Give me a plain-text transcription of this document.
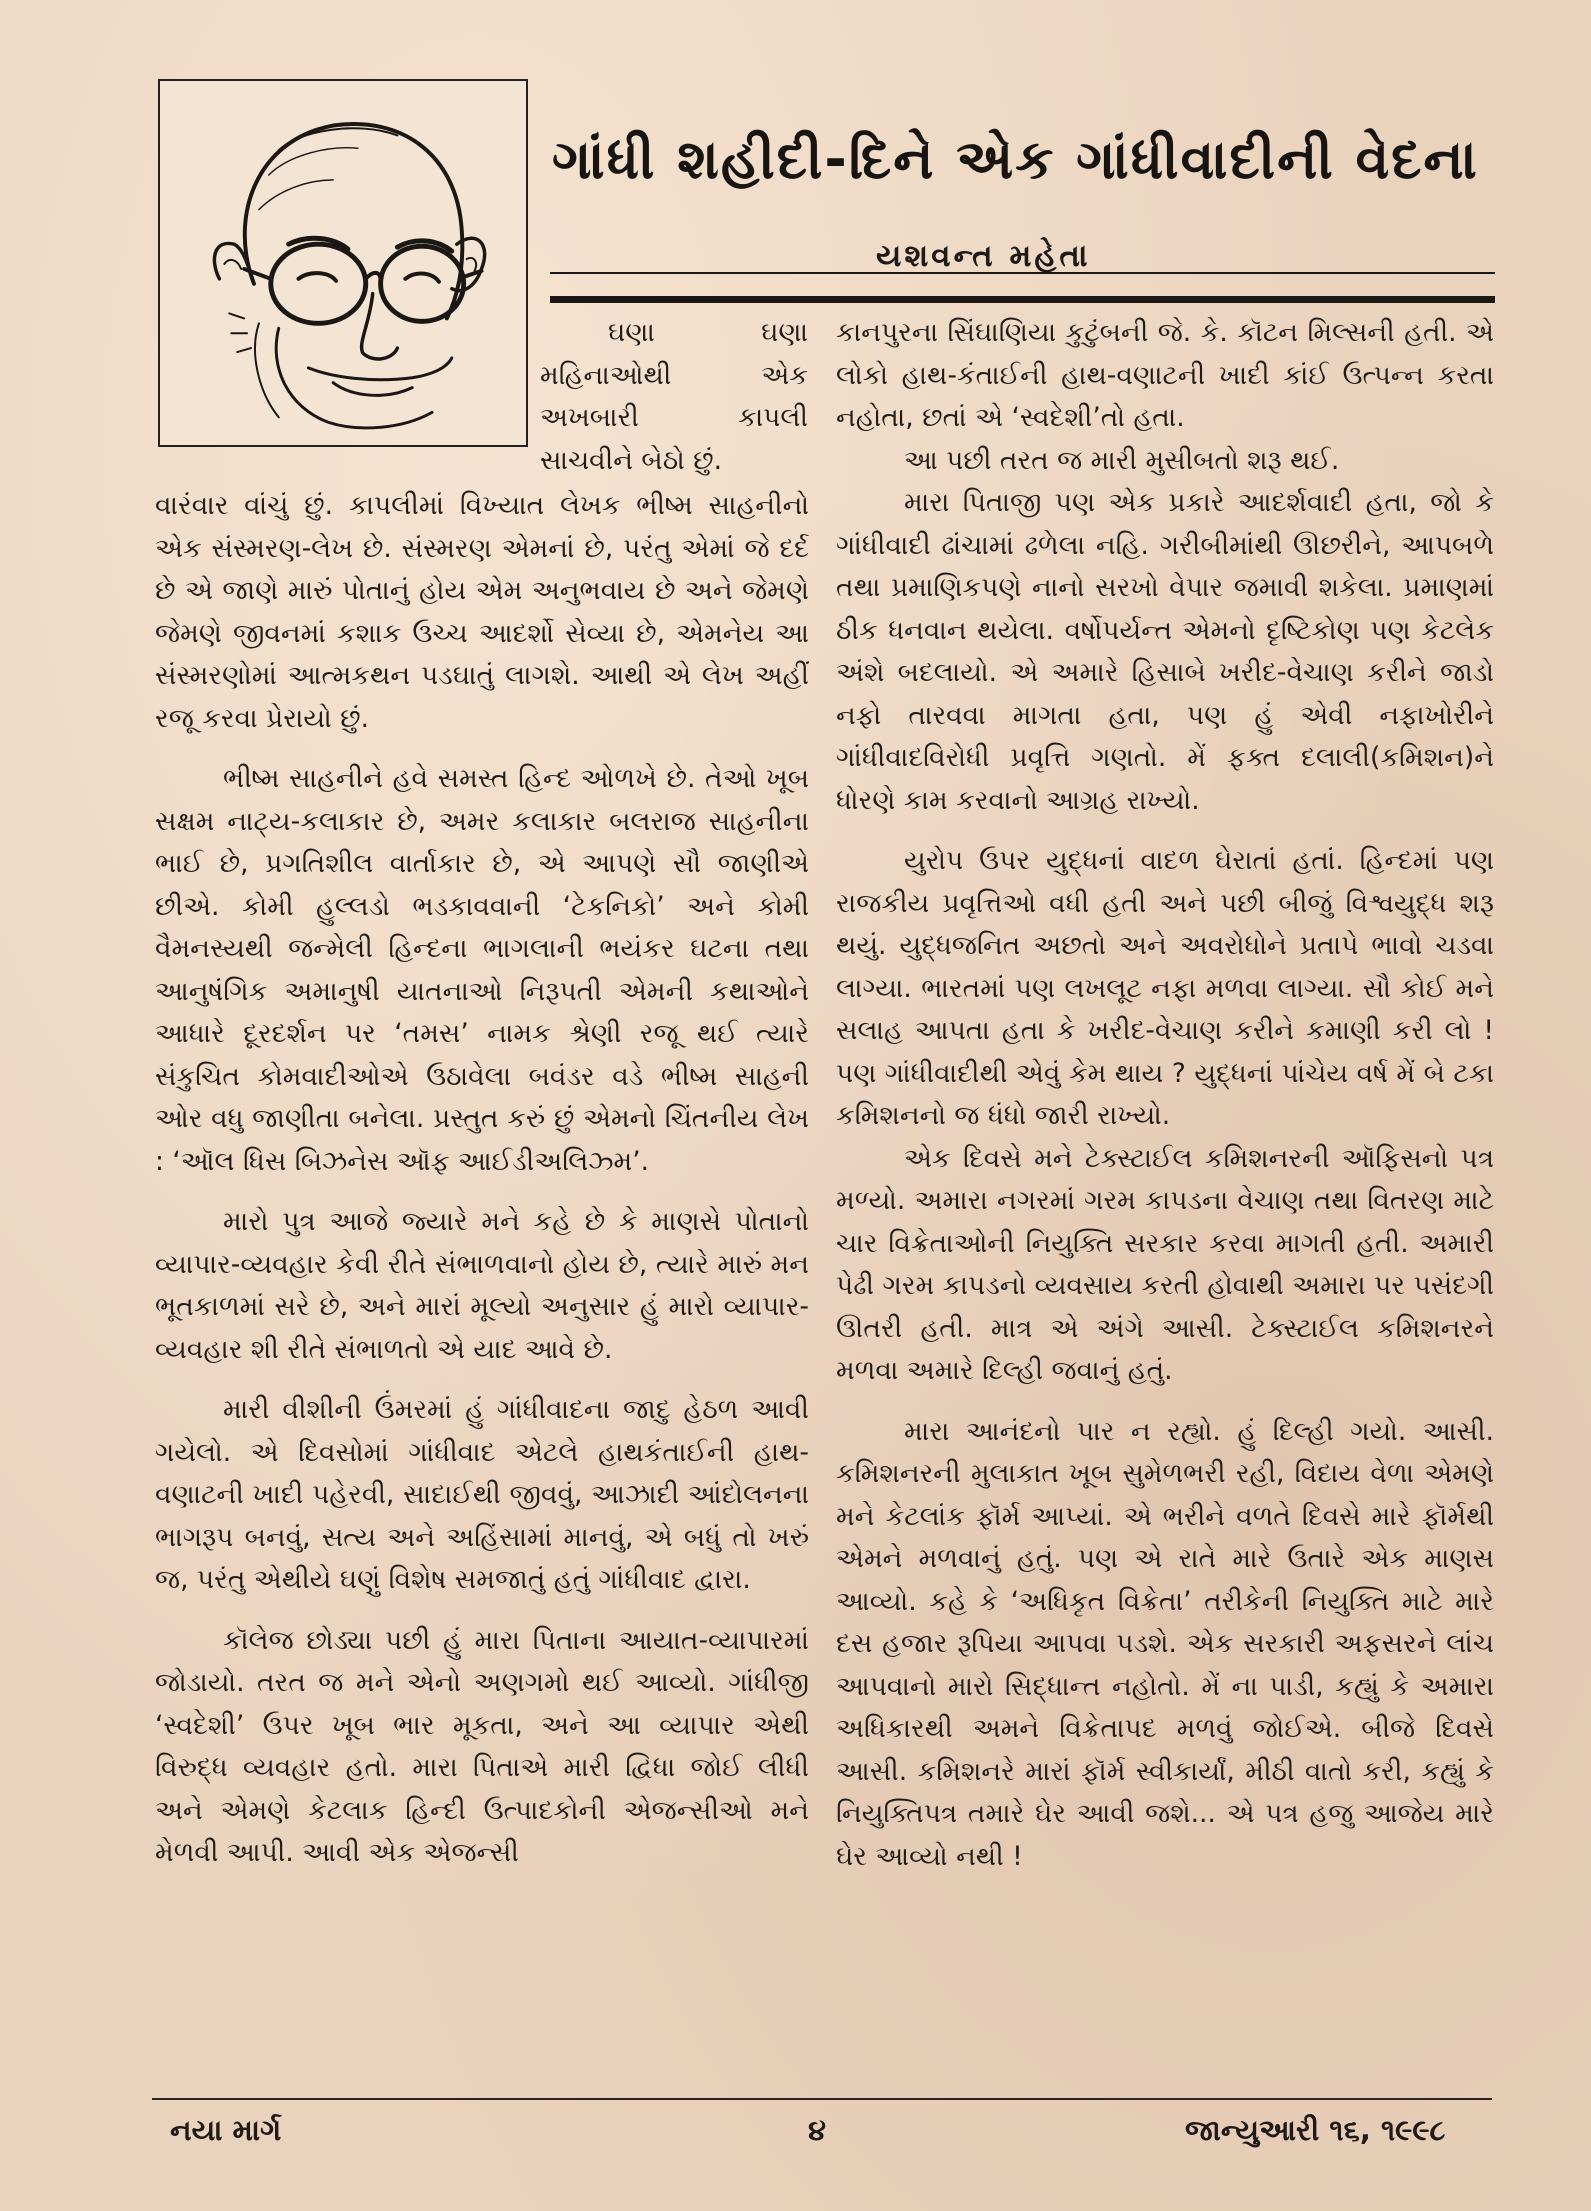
ગાંધી શહીદી-દિને એક ગાંધીવાદીની વેદના
યશવન્ત મહેતા

ઘણા ઘણા મહિનાઓથી એક અખબારી કાપલી સાચવીને બેઠો છું.

વારંવાર વાંચું છું. કાપલીમાં વિખ્યાત લેખક ભીષ્મ સાહનીનો એક સંસ્મરણ-લેખ છે. સંસ્મરણ એમનાં છે, પરંતુ એમાં જે દર્દ છે એ જાણે મારું પોતાનું હોય એમ અનુભવાય છે અને જેમણે જેમણે જીવનમાં કશાક ઉચ્ચ આદર્શો સેવ્યા છે, એમનેય આ સંસ્મરણોમાં આત્મકથન પડઘાતું લાગશે. આથી એ લેખ અહીં રજૂ કરવા પ્રેરાયો છું.

ભીષ્મ સાહનીને હવે સમસ્ત હિન્દ ઓળખે છે. તેઓ ખૂબ સક્ષમ નાટ્ય-કલાકાર છે, અમર કલાકાર બલરાજ સાહનીના ભાઈ છે, પ્રગતિશીલ વાર્તાકાર છે, એ આપણે સૌ જાણીએ છીએ. કોમી હુલ્લડો ભડકાવવાની ‘ટેકનિકો’ અને કોમી વૈમનસ્યથી જન્મેલી હિન્દના ભાગલાની ભયંકર ઘટના તથા આનુષંગિક અમાનુષી યાતનાઓ નિરૂપતી એમની કથાઓને આધારે દૂરદર્શન પર ‘તમસ’ નામક શ્રેણી રજૂ થઈ ત્યારે સંકુચિત કોમવાદીઓએ ઉઠાવેલા બવંડર વડે ભીષ્મ સાહની ઓર વધુ જાણીતા બનેલા. પ્રસ્તુત કરું છું એમનો ચિંતનીય લેખ : ‘ઑલ ધિસ બિઝનેસ ઑફ આઈડીઅલિઝ્મ’.

મારો પુત્ર આજે જ્યારે મને કહે છે કે માણસે પોતાનો વ્યાપાર-વ્યવહાર કેવી રીતે સંભાળવાનો હોય છે, ત્યારે મારું મન ભૂતકાળમાં સરે છે, અને મારાં મૂલ્યો અનુસાર હું મારો વ્યાપાર-વ્યવહાર શી રીતે સંભાળતો એ યાદ આવે છે.

મારી વીશીની ઉંમરમાં હું ગાંધીવાદના જાદુ હેઠળ આવી ગયેલો. એ દિવસોમાં ગાંધીવાદ એટલે હાથકંતાઈની હાથ-વણાટની ખાદી પહેરવી, સાદાઈથી જીવવું, આઝાદી આંદોલનના ભાગરૂપ બનવું, સત્ય અને અહિંસામાં માનવું, એ બધું તો ખરું જ, પરંતુ એથીયે ઘણું વિશેષ સમજાતું હતું ગાંધીવાદ દ્વારા.

કૉલેજ છોડ્યા પછી હું મારા પિતાના આયાત-વ્યાપારમાં જોડાયો. તરત જ મને એનો અણગમો થઈ આવ્યો. ગાંધીજી ‘સ્વદેશી’ ઉપર ખૂબ ભાર મૂકતા, અને આ વ્યાપાર એથી વિરુદ્ધ વ્યવહાર હતો. મારા પિતાએ મારી દ્વિધા જોઈ લીધી અને એમણે કેટલાક હિન્દી ઉત્પાદકોની એજન્સીઓ મને મેળવી આપી. આવી એક એજન્સી

કાનપુરના સિંઘાણિયા કુટુંબની જે. કે. કૉટન મિલ્સની હતી. એ લોકો હાથ-કંતાઈની હાથ-વણાટની ખાદી કાંઈ ઉત્પન્ન કરતા નહોતા, છતાં એ ‘સ્વદેશી’તો હતા.

આ પછી તરત જ મારી મુસીબતો શરૂ થઈ.

મારા પિતાજી પણ એક પ્રકારે આદર્શવાદી હતા, જો કે ગાંધીવાદી ઢાંચામાં ઢળેલા નહિ. ગરીબીમાંથી ઊછરીને, આપબળે તથા પ્રમાણિકપણે નાનો સરખો વેપાર જમાવી શકેલા. પ્રમાણમાં ઠીક ધનવાન થયેલા. વર્ષોપર્યન્ત એમનો દૃષ્ટિકોણ પણ કેટલેક અંશે બદલાયો. એ અમારે હિસાબે ખરીદ-વેચાણ કરીને જાડો નફો તારવવા માગતા હતા, પણ હું એવી નફાખોરીને ગાંધીવાદવિરોધી પ્રવૃત્તિ ગણતો. મેં ફક્ત દલાલી(કમિશન)ને ધોરણે કામ કરવાનો આગ્રહ રાખ્યો.

યુરોપ ઉપર યુદ્ધનાં વાદળ ઘેરાતાં હતાં. હિન્દમાં પણ રાજકીય પ્રવૃત્તિઓ વધી હતી અને પછી બીજું વિશ્વયુદ્ધ શરૂ થયું. યુદ્ધજનિત અછતો અને અવરોધોને પ્રતાપે ભાવો ચડવા લાગ્યા. ભારતમાં પણ લખલૂટ નફા મળવા લાગ્યા. સૌ કોઈ મને સલાહ આપતા હતા કે ખરીદ-વેચાણ કરીને કમાણી કરી લો ! પણ ગાંધીવાદીથી એવું કેમ થાય ? યુદ્ધનાં પાંચેય વર્ષ મેં બે ટકા કમિશનનો જ ધંધો જારી રાખ્યો.

એક દિવસે મને ટેક્સ્ટાઈલ કમિશનરની ઑફિસનો પત્ર મળ્યો. અમારા નગરમાં ગરમ કાપડના વેચાણ તથા વિતરણ માટે ચાર વિક્રેતાઓની નિયુક્તિ સરકાર કરવા માગતી હતી. અમારી પેઢી ગરમ કાપડનો વ્યવસાય કરતી હોવાથી અમારા પર પસંદગી ઊતરી હતી. માત્ર એ અંગે આસી. ટેક્સ્ટાઈલ કમિશનરને મળવા અમારે દિલ્હી જવાનું હતું.

મારા આનંદનો પાર ન રહ્યો. હું દિલ્હી ગયો. આસી. કમિશનરની મુલાકાત ખૂબ સુમેળભરી રહી, વિદાય વેળા એમણે મને કેટલાંક ફૉર્મ આપ્યાં. એ ભરીને વળતે દિવસે મારે ફૉર્મથી એમને મળવાનું હતું. પણ એ રાતે મારે ઉતારે એક માણસ આવ્યો. કહે કે ‘અધિકૃત વિક્રેતા’ તરીકેની નિયુક્તિ માટે મારે દસ હજાર રૂપિયા આપવા પડશે. એક સરકારી અફસરને લાંચ આપવાનો મારો સિદ્ધાન્ત નહોતો. મેં ના પાડી, કહ્યું કે અમારા અધિકારથી અમને વિક્રેતાપદ મળવું જોઈએ. બીજે દિવસે આસી. કમિશનરે મારાં ફૉર્મ સ્વીકાર્યાં, મીઠી વાતો કરી, કહ્યું કે નિયુક્તિપત્ર તમારે ઘેર આવી જશે... એ પત્ર હજુ આજેય મારે ઘેર આવ્યો નથી !

નયા માર્ગ	૪	જાન્યુઆરી ૧૬, ૧૯૯૮
